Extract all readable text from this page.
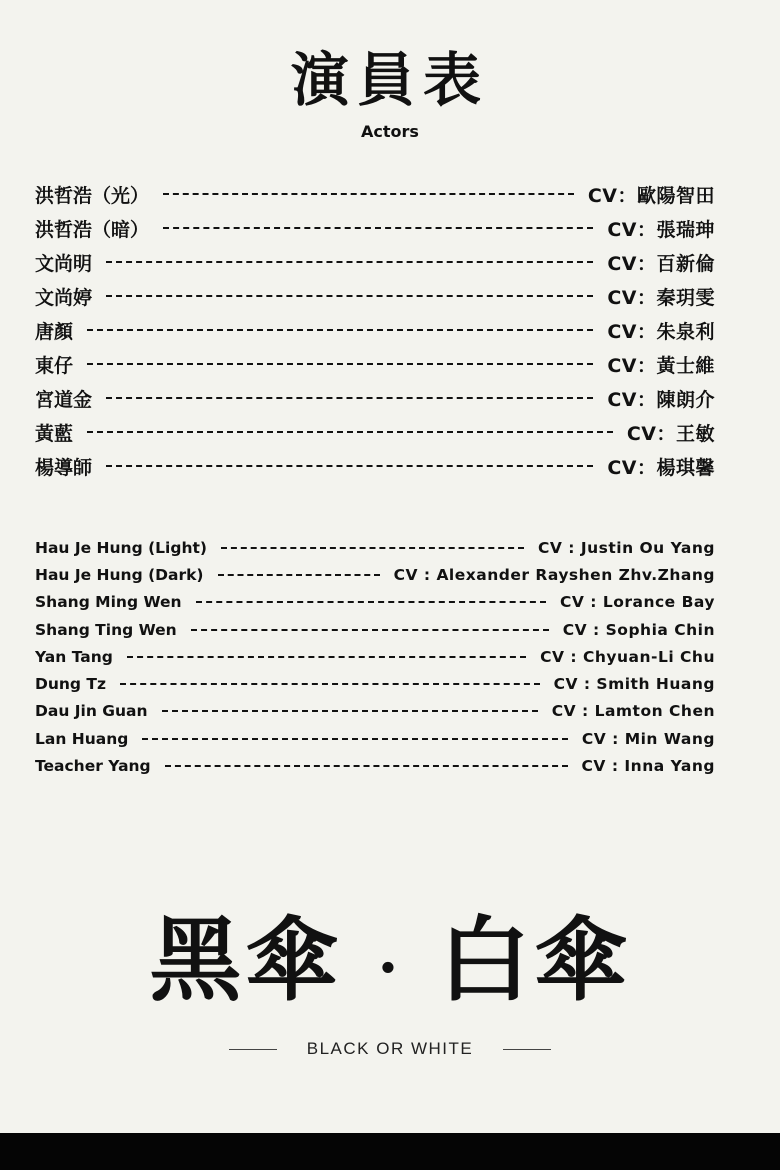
演員表
Actors
洪哲浩（光）	CV：歐陽智田
洪哲浩（暗）	CV：張瑞珅
文尚明	CV：百新倫
文尚婷	CV：秦玥雯
唐顏	CV：朱泉利
東仔	CV：黃士維
宮道金	CV：陳朗介
黃藍	CV：王敏
楊導師	CV：楊琪馨
Hau Je Hung (Light)	CV : Justin Ou Yang
Hau Je Hung (Dark)	CV : Alexander Rayshen Zhv.Zhang
Shang Ming Wen	CV : Lorance Bay
Shang Ting Wen	CV : Sophia Chin
Yan Tang	CV : Chyuan-Li Chu
Dung Tz	CV : Smith Huang
Dau Jin Guan	CV : Lamton Chen
Lan Huang	CV : Min Wang
Teacher Yang	CV : Inna Yang
黑傘 · 白傘
BLACK OR WHITE
